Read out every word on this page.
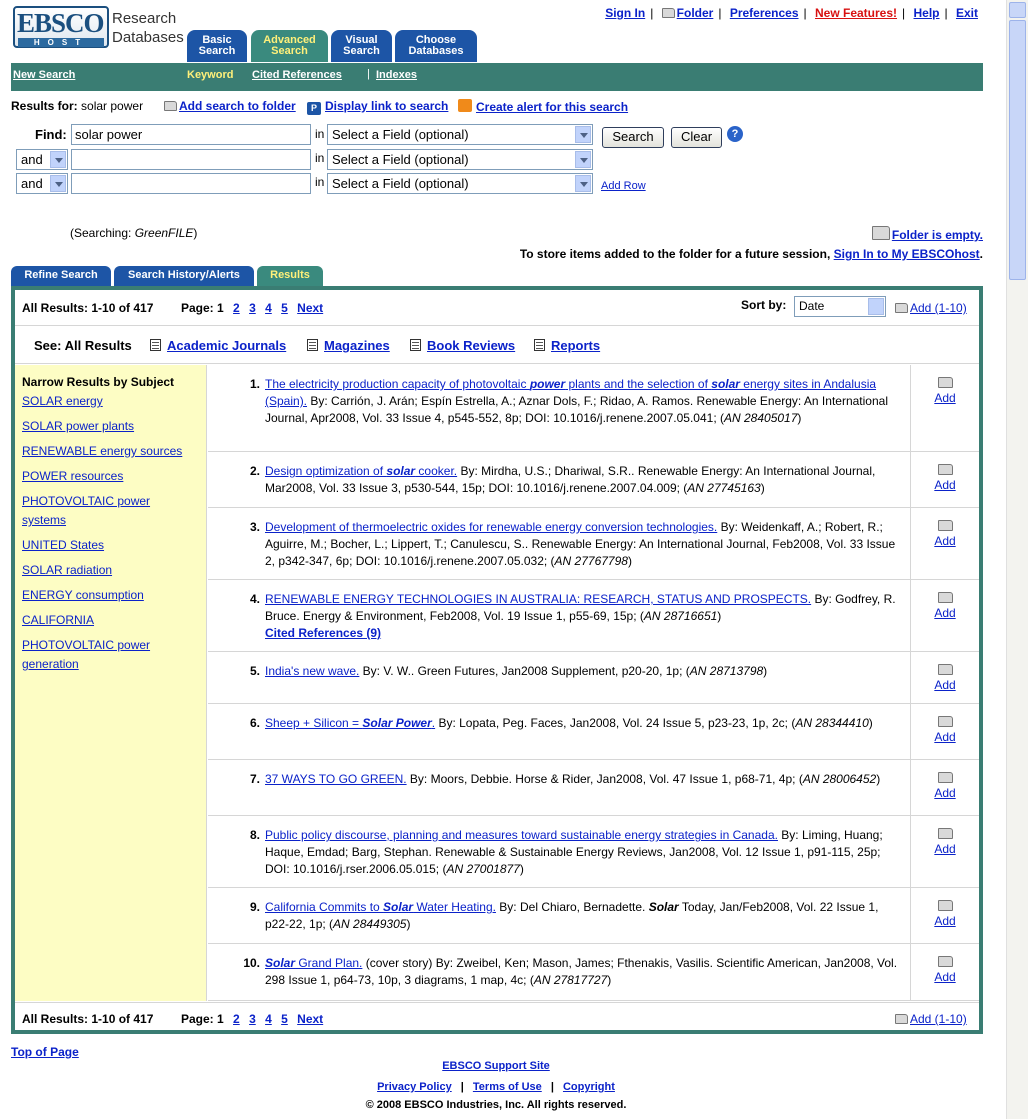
EBSCO
HOST
Research
Databases	Basic
Search
Advanced
Search
Visual
Search
Choose
Databases
Sign In | Folder | Preferences | New Features! | Help | Exit
New Search	Keyword Cited References | Indexes
Results for: solar power	Add search to folder	P Display link to search	Create alert for this search
Find: solar power	in Select a Field (optional)	Search	Clear	?
and	in Select a Field (optional)
and	in Select a Field (optional)	Add Row
(Searching: GreenFILE)	Folder is empty.
To store items added to the folder for a future session, Sign In to My EBSCOhost.
Refine Search	Search History/Alerts	Results
All Results: 1-10 of 417 Page: 1 2 3 4 5 Next	Sort by:	Date	Add (1-10)
See: All Results	Academic Journals	Magazines	Book Reviews	Reports
Narrow Results by Subject
SOLAR energy
SOLAR power plants
RENEWABLE energy sources
POWER resources
PHOTOVOLTAIC power systems
UNITED States
SOLAR radiation
ENERGY consumption
CALIFORNIA
PHOTOVOLTAIC power generation
1. The electricity production capacity of photovoltaic power plants and the selection of solar energy sites in Andalusia (Spain). By: Carrión, J. Arán; Espín Estrella, A.; Aznar Dols, F.; Ridao, A. Ramos. Renewable Energy: An International Journal, Apr2008, Vol. 33 Issue 4, p545-552, 8p; DOI: 10.1016/j.renene.2007.05.041; (AN 28405017)
Add
2. Design optimization of solar cooker. By: Mirdha, U.S.; Dhariwal, S.R.. Renewable Energy: An International Journal, Mar2008, Vol. 33 Issue 3, p530-544, 15p; DOI: 10.1016/j.renene.2007.04.009; (AN 27745163)	Add
3. Development of thermoelectric oxides for renewable energy conversion technologies. By: Weidenkaff, A.; Robert, R.; Aguirre, M.; Bocher, L.; Lippert, T.; Canulescu, S.. Renewable Energy: An International Journal, Feb2008, Vol. 33 Issue 2, p342-347, 6p; DOI: 10.1016/j.renene.2007.05.032; (AN 27767798)
Add
4. RENEWABLE ENERGY TECHNOLOGIES IN AUSTRALIA: RESEARCH, STATUS AND PROSPECTS. By: Godfrey, R. Bruce. Energy & Environment, Feb2008, Vol. 19 Issue 1, p55-69, 15p; (AN 28716651)
Cited References (9)
Add
5. India's new wave. By: V. W.. Green Futures, Jan2008 Supplement, p20-20, 1p; (AN 28713798)
Add
6. Sheep + Silicon = Solar Power. By: Lopata, Peg. Faces, Jan2008, Vol. 24 Issue 5, p23-23, 1p, 2c; (AN 28344410)
Add
7. 37 WAYS TO GO GREEN. By: Moors, Debbie. Horse & Rider, Jan2008, Vol. 47 Issue 1, p68-71, 4p; (AN 28006452)
Add
8. Public policy discourse, planning and measures toward sustainable energy strategies in Canada. By: Liming, Huang; Haque, Emdad; Barg, Stephan. Renewable & Sustainable Energy Reviews, Jan2008, Vol. 12 Issue 1, p91-115, 25p; DOI: 10.1016/j.rser.2006.05.015; (AN 27001877)
Add
9. California Commits to Solar Water Heating. By: Del Chiaro, Bernadette. Solar Today, Jan/Feb2008, Vol. 22 Issue 1, p22-22, 1p; (AN 28449305)	Add
10. Solar Grand Plan. (cover story) By: Zweibel, Ken; Mason, James; Fthenakis, Vasilis. Scientific American, Jan2008, Vol. 298 Issue 1, p64-73, 10p, 3 diagrams, 1 map, 4c; (AN 27817727)	Add
All Results: 1-10 of 417 Page: 1 2 3 4 5 Next	Add (1-10)
Top of Page
EBSCO Support Site
Privacy Policy | Terms of Use | Copyright
© 2008 EBSCO Industries, Inc. All rights reserved.
